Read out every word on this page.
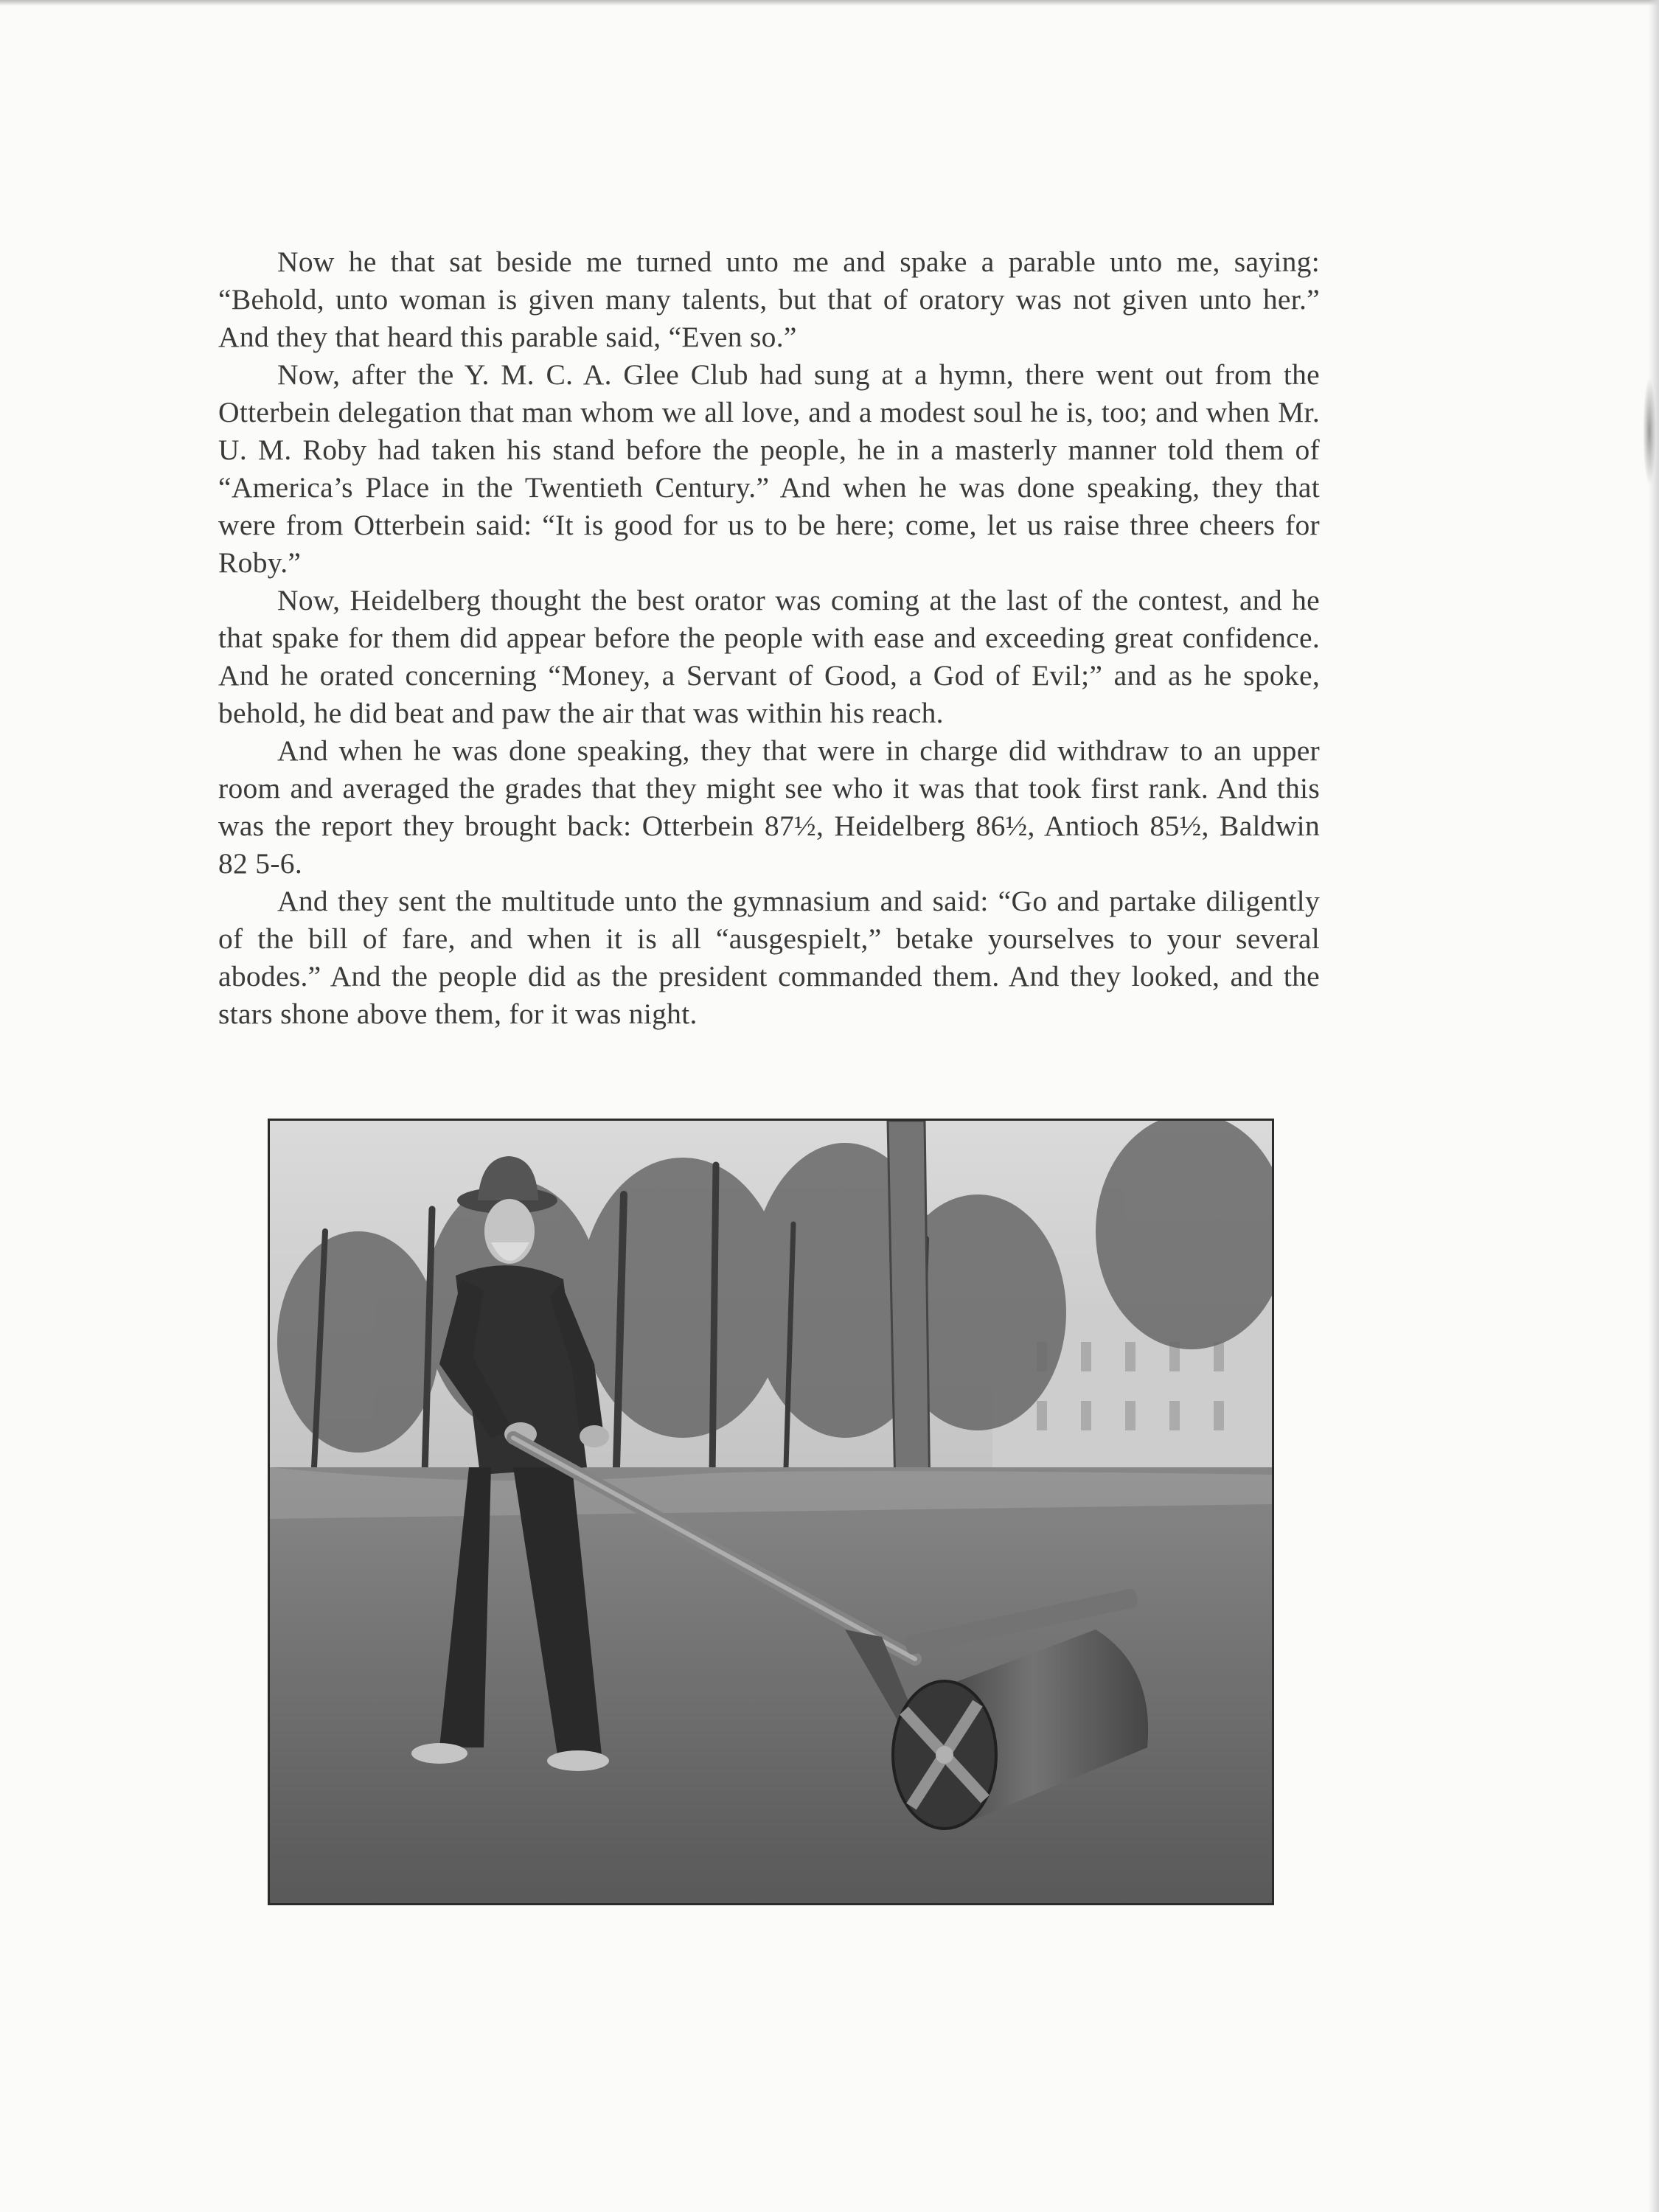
Now he that sat beside me turned unto me and spake a parable unto me, saying: “Behold, unto woman is given many talents, but that of oratory was not given unto her.” And they that heard this parable said, “Even so.”

Now, after the Y. M. C. A. Glee Club had sung at a hymn, there went out from the Otterbein delegation that man whom we all love, and a modest soul he is, too; and when Mr. U. M. Roby had taken his stand before the people, he in a masterly manner told them of “America’s Place in the Twentieth Century.” And when he was done speaking, they that were from Otterbein said: “It is good for us to be here; come, let us raise three cheers for Roby.”

Now, Heidelberg thought the best orator was coming at the last of the contest, and he that spake for them did appear before the people with ease and exceeding great confidence. And he orated concerning “Money, a Servant of Good, a God of Evil;” and as he spoke, behold, he did beat and paw the air that was within his reach.

And when he was done speaking, they that were in charge did withdraw to an upper room and averaged the grades that they might see who it was that took first rank. And this was the report they brought back: Otterbein 87½, Heidelberg 86½, Antioch 85½, Baldwin 82 5-6.

And they sent the multitude unto the gymnasium and said: “Go and partake diligently of the bill of fare, and when it is all “ausgespielt,” betake yourselves to your several abodes.” And the people did as the president commanded them. And they looked, and the stars shone above them, for it was night.
